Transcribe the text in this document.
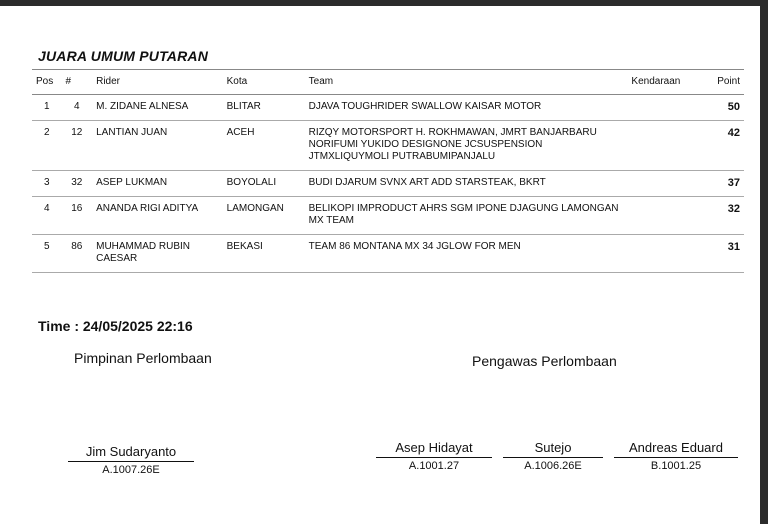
JUARA UMUM PUTARAN
Pos	#	Rider	Kota	Team	Kendaraan	Point
1	4	M. ZIDANE ALNESA	BLITAR	DJAVA TOUGHRIDER SWALLOW KAISAR MOTOR		50
2	12	LANTIAN JUAN	ACEH	RIZQY MOTORSPORT H. ROKHMAWAN, JMRT BANJARBARU NORIFUMI YUKIDO DESIGNONE JCSUSPENSION JTMXLIQUYMOLI PUTRABUMIPANJALU		42
3	32	ASEP LUKMAN	BOYOLALI	BUDI DJARUM SVNX ART ADD STARSTEAK, BKRT		37
4	16	ANANDA RIGI ADITYA	LAMONGAN	BELIKOPI IMPRODUCT AHRS SGM IPONE DJAGUNG LAMONGAN MX TEAM		32
5	86	MUHAMMAD RUBIN CAESAR	BEKASI	TEAM 86 MONTANA MX 34 JGLOW FOR MEN		31
Time : 24/05/2025 22:16
Pimpinan Perlombaan	Pengawas Perlombaan
Jim Sudaryanto
A.1007.26E
Asep Hidayat
A.1001.27
Sutejo
A.1006.26E
Andreas Eduard
B.1001.25
